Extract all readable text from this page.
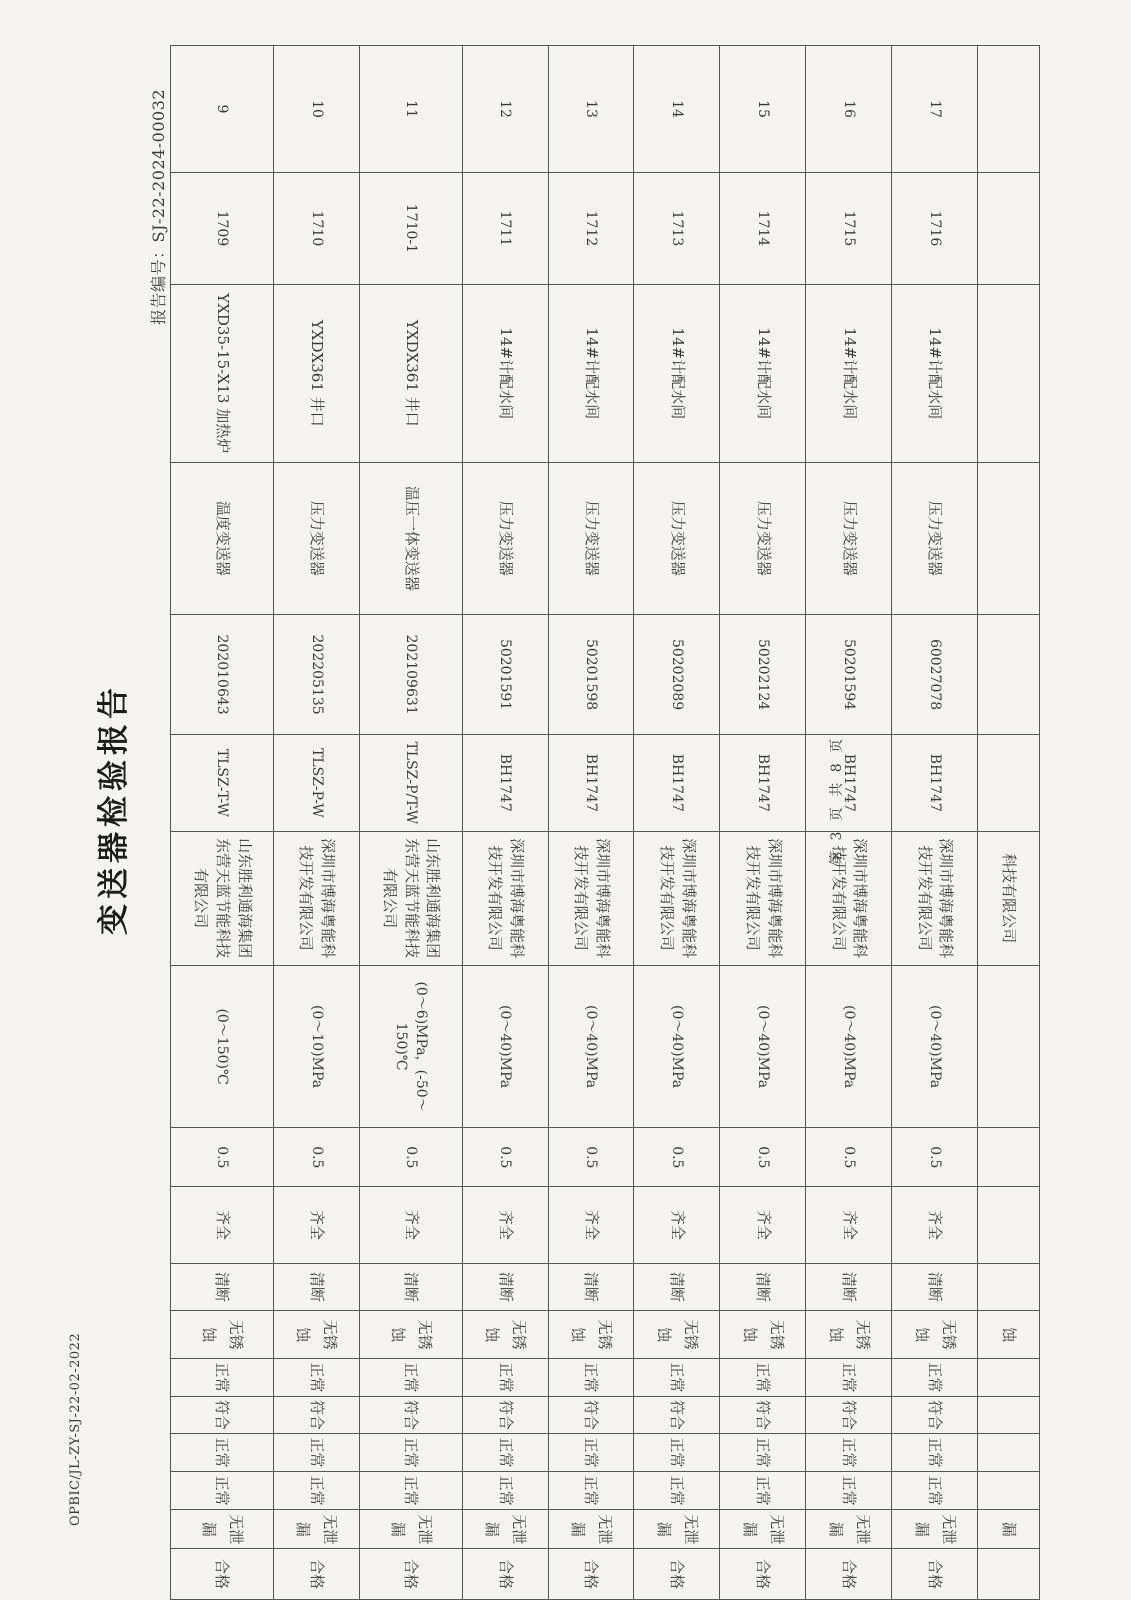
OPBIC/JL-ZY-SJ-22-02-2022
变送器检验报告
报告编号：SJ-22-2024-00032
第 3 页 共 8 页
						科技有限公司					蚀					漏	
17	1716	14#计配水间	压力变送器	60027078	BH1747	深圳市博海粤能科技开发有限公司	(0～40)MPa	0.5	齐全	清断	无锈蚀	正常	符合	正常	正常	无泄漏	合格
16	1715	14#计配水间	压力变送器	50201594	BH1747	深圳市博海粤能科技开发有限公司	(0～40)MPa	0.5	齐全	清断	无锈蚀	正常	符合	正常	正常	无泄漏	合格
15	1714	14#计配水间	压力变送器	50202124	BH1747	深圳市博海粤能科技开发有限公司	(0～40)MPa	0.5	齐全	清断	无锈蚀	正常	符合	正常	正常	无泄漏	合格
14	1713	14#计配水间	压力变送器	50202089	BH1747	深圳市博海粤能科技开发有限公司	(0～40)MPa	0.5	齐全	清断	无锈蚀	正常	符合	正常	正常	无泄漏	合格
13	1712	14#计配水间	压力变送器	50201598	BH1747	深圳市博海粤能科技开发有限公司	(0～40)MPa	0.5	齐全	清断	无锈蚀	正常	符合	正常	正常	无泄漏	合格
12	1711	14#计配水间	压力变送器	50201591	BH1747	深圳市博海粤能科技开发有限公司	(0～40)MPa	0.5	齐全	清断	无锈蚀	正常	符合	正常	正常	无泄漏	合格
11	1710-1	YXDX361 井口	温压一体变送器	202109631	TLSZ-P/T-W	山东胜利通海集团东营天蓝节能科技有限公司	(0～6)MPa，(-50～150)℃	0.5	齐全	清断	无锈蚀	正常	符合	正常	正常	无泄漏	合格
10	1710	YXDX361 井口	压力变送器	202205135	TLSZ-P-W	深圳市博海粤能科技开发有限公司	(0～10)MPa	0.5	齐全	清断	无锈蚀	正常	符合	正常	正常	无泄漏	合格
9	1709	YXD35-15-X13 加热炉	温度变送器	202010643	TLSZ-T-W	山东胜利通海集团东营天蓝节能科技有限公司	(0～150)℃	0.5	齐全	清断	无锈蚀	正常	符合	正常	正常	无泄漏	合格
